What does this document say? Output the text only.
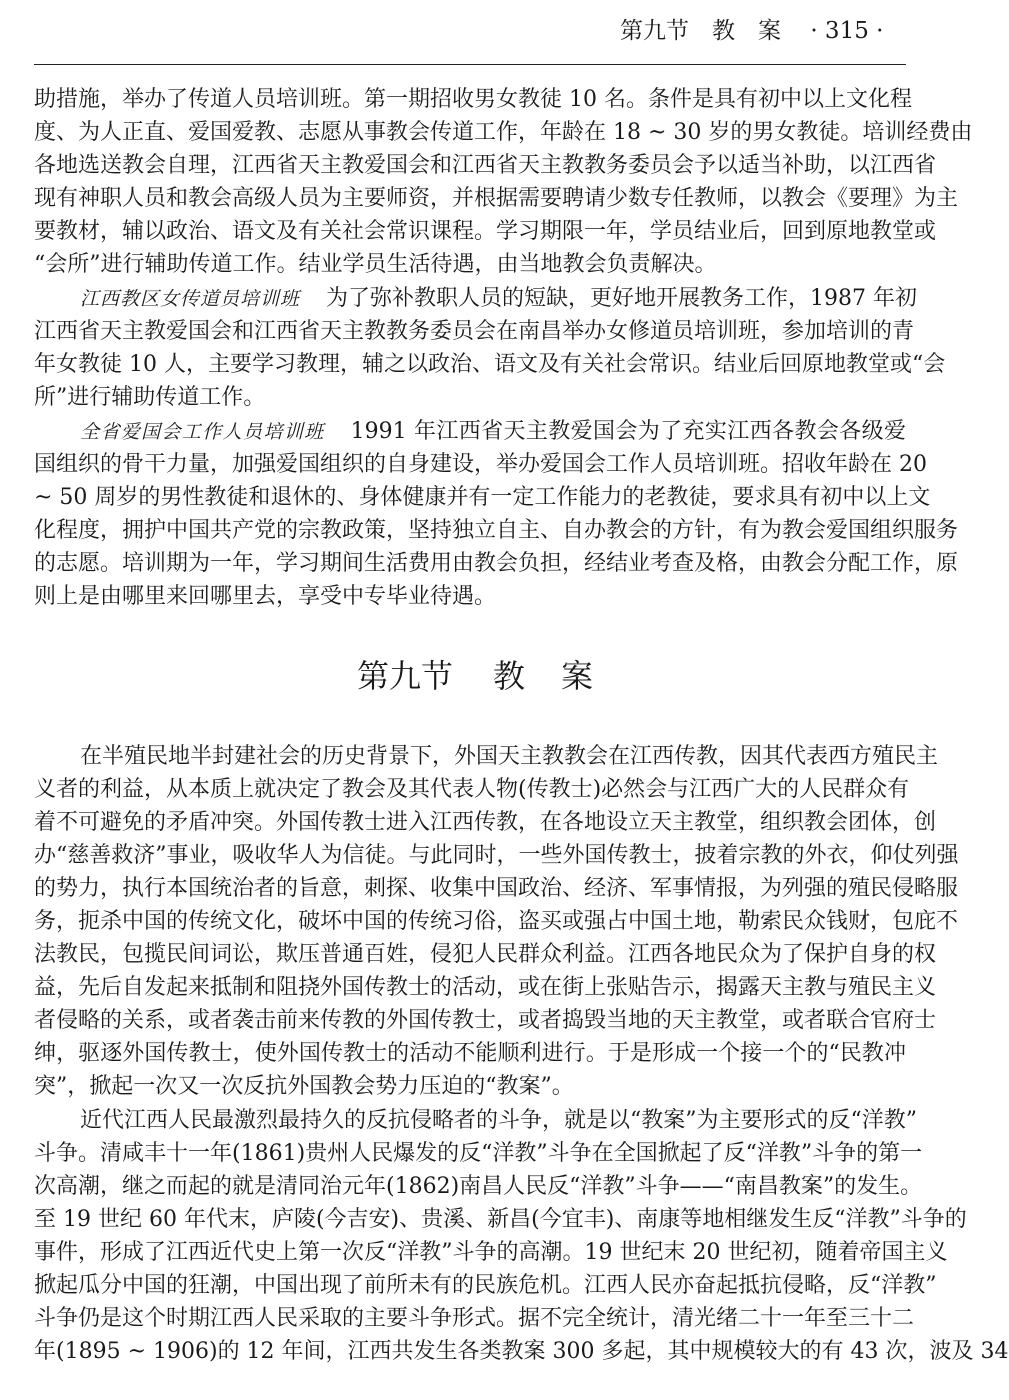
第九节　教　案 · 315 ·
助措施，举办了传道人员培训班。第一期招收男女教徒 10 名。条件是具有初中以上文化程
度、为人正直、爱国爱教、志愿从事教会传道工作，年龄在 18 ~ 30 岁的男女教徒。培训经费由
各地选送教会自理，江西省天主教爱国会和江西省天主教教务委员会予以适当补助，以江西省
现有神职人员和教会高级人员为主要师资，并根据需要聘请少数专任教师，以教会《要理》为主
要教材，辅以政治、语文及有关社会常识课程。学习期限一年，学员结业后，回到原地教堂或
“会所”进行辅助传道工作。结业学员生活待遇，由当地教会负责解决。
江西教区女传道员培训班 为了弥补教职人员的短缺，更好地开展教务工作，1987 年初
江西省天主教爱国会和江西省天主教教务委员会在南昌举办女修道员培训班，参加培训的青
年女教徒 10 人，主要学习教理，辅之以政治、语文及有关社会常识。结业后回原地教堂或“会
所”进行辅助传道工作。
全省爱国会工作人员培训班 1991 年江西省天主教爱国会为了充实江西各教会各级爱
国组织的骨干力量，加强爱国组织的自身建设，举办爱国会工作人员培训班。招收年龄在 20
~ 50 周岁的男性教徒和退休的、身体健康并有一定工作能力的老教徒，要求具有初中以上文
化程度，拥护中国共产党的宗教政策，坚持独立自主、自办教会的方针，有为教会爱国组织服务
的志愿。培训期为一年，学习期间生活费用由教会负担，经结业考查及格，由教会分配工作，原
则上是由哪里来回哪里去，享受中专毕业待遇。
第九节 教 案
在半殖民地半封建社会的历史背景下，外国天主教教会在江西传教，因其代表西方殖民主
义者的利益，从本质上就决定了教会及其代表人物(传教士)必然会与江西广大的人民群众有
着不可避免的矛盾冲突。外国传教士进入江西传教，在各地设立天主教堂，组织教会团体，创
办“慈善救济”事业，吸收华人为信徒。与此同时，一些外国传教士，披着宗教的外衣，仰仗列强
的势力，执行本国统治者的旨意，刺探、收集中国政治、经济、军事情报，为列强的殖民侵略服
务，扼杀中国的传统文化，破坏中国的传统习俗，盗买或强占中国土地，勒索民众钱财，包庇不
法教民，包揽民间词讼，欺压普通百姓，侵犯人民群众利益。江西各地民众为了保护自身的权
益，先后自发起来抵制和阻挠外国传教士的活动，或在街上张贴告示，揭露天主教与殖民主义
者侵略的关系，或者袭击前来传教的外国传教士，或者捣毁当地的天主教堂，或者联合官府士
绅，驱逐外国传教士，使外国传教士的活动不能顺利进行。于是形成一个接一个的“民教冲
突”，掀起一次又一次反抗外国教会势力压迫的“教案”。
近代江西人民最激烈最持久的反抗侵略者的斗争，就是以“教案”为主要形式的反“洋教”
斗争。清咸丰十一年(1861)贵州人民爆发的反“洋教”斗争在全国掀起了反“洋教”斗争的第一
次高潮，继之而起的就是清同治元年(1862)南昌人民反“洋教”斗争——“南昌教案”的发生。
至 19 世纪 60 年代末，庐陵(今吉安)、贵溪、新昌(今宜丰)、南康等地相继发生反“洋教”斗争的
事件，形成了江西近代史上第一次反“洋教”斗争的高潮。19 世纪末 20 世纪初，随着帝国主义
掀起瓜分中国的狂潮，中国出现了前所未有的民族危机。江西人民亦奋起抵抗侵略，反“洋教”
斗争仍是这个时期江西人民采取的主要斗争形式。据不完全统计，清光绪二十一年至三十二
年(1895 ~ 1906)的 12 年间，江西共发生各类教案 300 多起，其中规模较大的有 43 次，波及 34
